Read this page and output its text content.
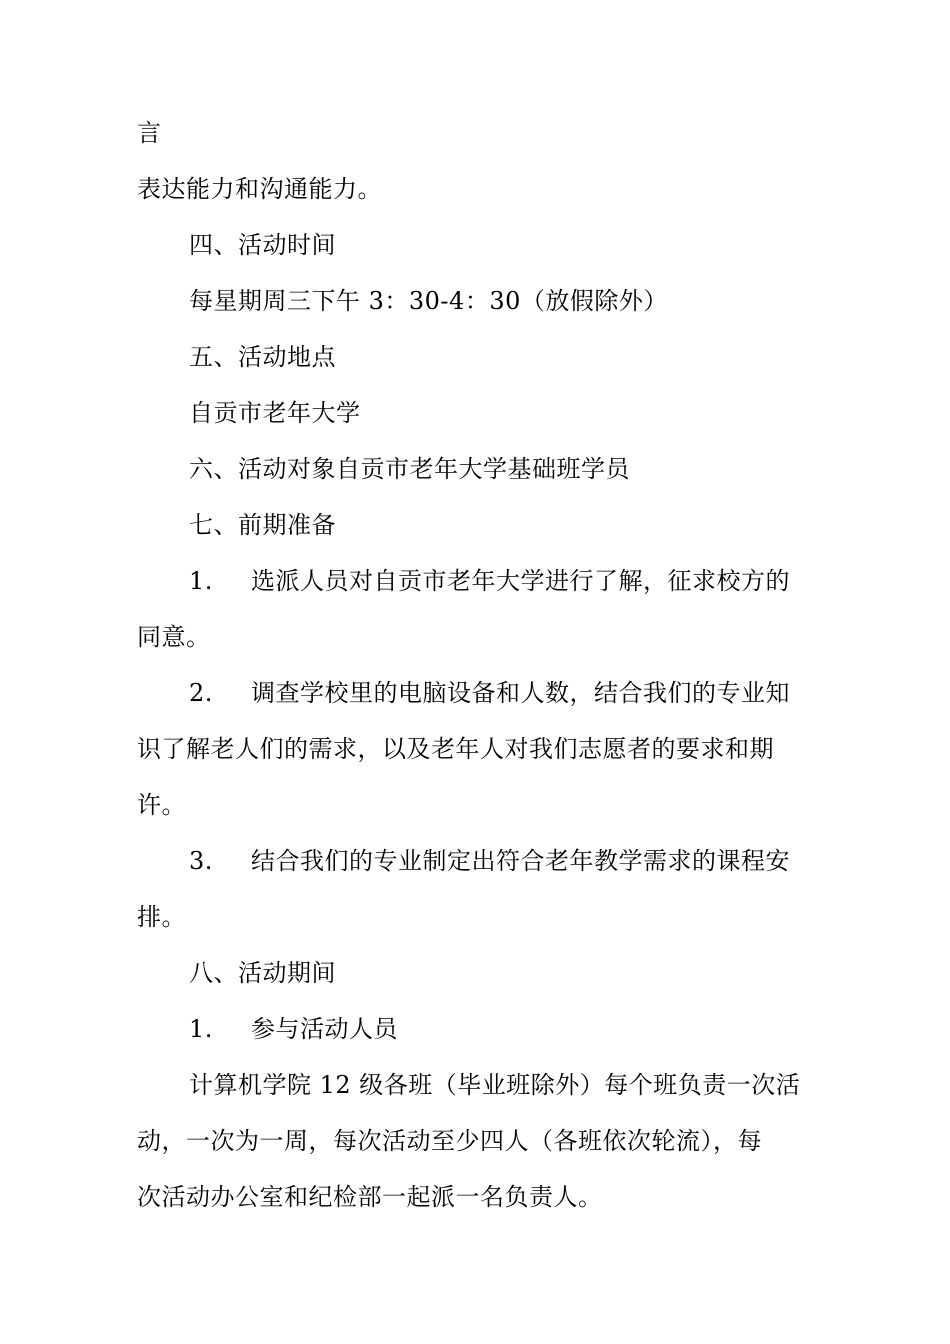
言
表达能力和沟通能力。
四、活动时间
每星期周三下午 3：30-4：30（放假除外）
五、活动地点
自贡市老年大学
六、活动对象自贡市老年大学基础班学员
七、前期准备
1. 选派人员对自贡市老年大学进行了解，征求校方的
同意。
2. 调查学校里的电脑设备和人数，结合我们的专业知
识了解老人们的需求，以及老年人对我们志愿者的要求和期
许。
3. 结合我们的专业制定出符合老年教学需求的课程安
排。
八、活动期间
1. 参与活动人员
计算机学院 12 级各班（毕业班除外）每个班负责一次活
动，一次为一周，每次活动至少四人（各班依次轮流），每
次活动办公室和纪检部一起派一名负责人。
